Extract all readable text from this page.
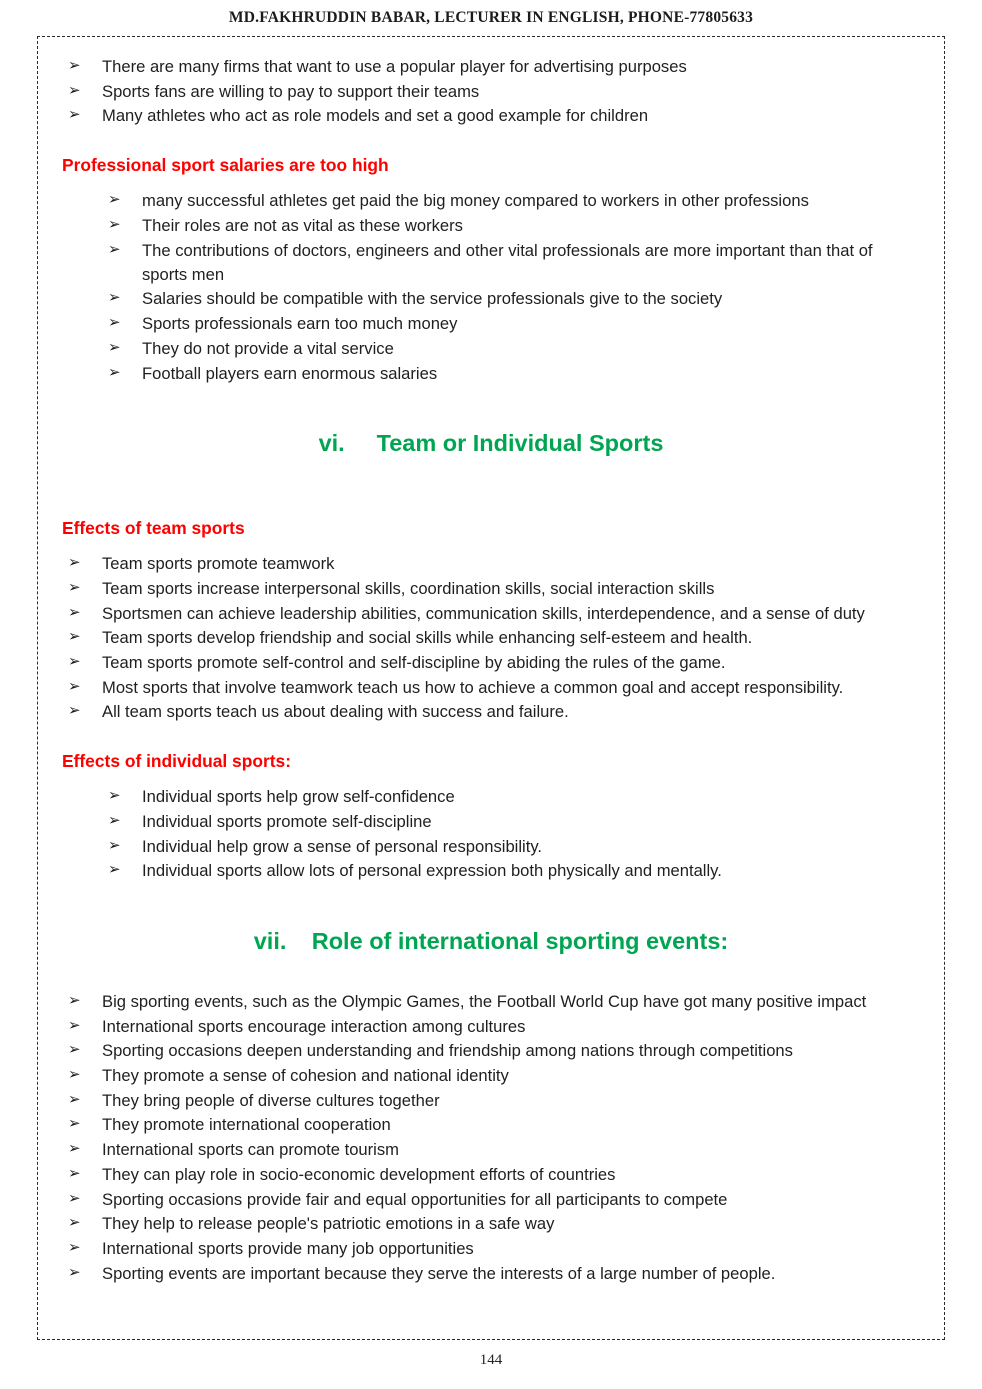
MD.FAKHRUDDIN BABAR, LECTURER IN ENGLISH, PHONE-77805633
➢ There are many firms that want to use a popular player for advertising purposes
➢ Sports fans are willing to pay to support their teams
➢ Many athletes who act as role models and set a good example for children
Professional sport salaries are too high
➢ many successful athletes get paid the big money compared to workers in other professions
➢ Their roles are not as vital as these workers
➢ The contributions of doctors, engineers and other vital professionals are more important than that of sports men
➢ Salaries should be compatible with the service professionals give to the society
➢ Sports professionals earn too much money
➢ They do not provide a vital service
➢ Football players earn enormous salaries
vi. Team or Individual Sports
Effects of team sports
➢ Team sports promote teamwork
➢ Team sports increase interpersonal skills, coordination skills, social interaction skills
➢ Sportsmen can achieve leadership abilities, communication skills, interdependence, and a sense of duty
➢ Team sports develop friendship and social skills while enhancing self-esteem and health.
➢ Team sports promote self-control and self-discipline by abiding the rules of the game.
➢ Most sports that involve teamwork teach us how to achieve a common goal and accept responsibility.
➢ All team sports teach us about dealing with success and failure.
Effects of individual sports:
➢ Individual sports help grow self-confidence
➢ Individual sports promote self-discipline
➢ Individual help grow a sense of personal responsibility.
➢ Individual sports allow lots of personal expression both physically and mentally.
vii. Role of international sporting events:
➢ Big sporting events, such as the Olympic Games, the Football World Cup have got many positive impact
➢ International sports encourage interaction among cultures
➢ Sporting occasions deepen understanding and friendship among nations through competitions
➢ They promote a sense of cohesion and national identity
➢ They bring people of diverse cultures together
➢ They promote international cooperation
➢ International sports can promote tourism
➢ They can play role in socio-economic development efforts of countries
➢ Sporting occasions provide fair and equal opportunities for all participants to compete
➢ They help to release people's patriotic emotions in a safe way
➢ International sports provide many job opportunities
➢ Sporting events are important because they serve the interests of a large number of people.
144
